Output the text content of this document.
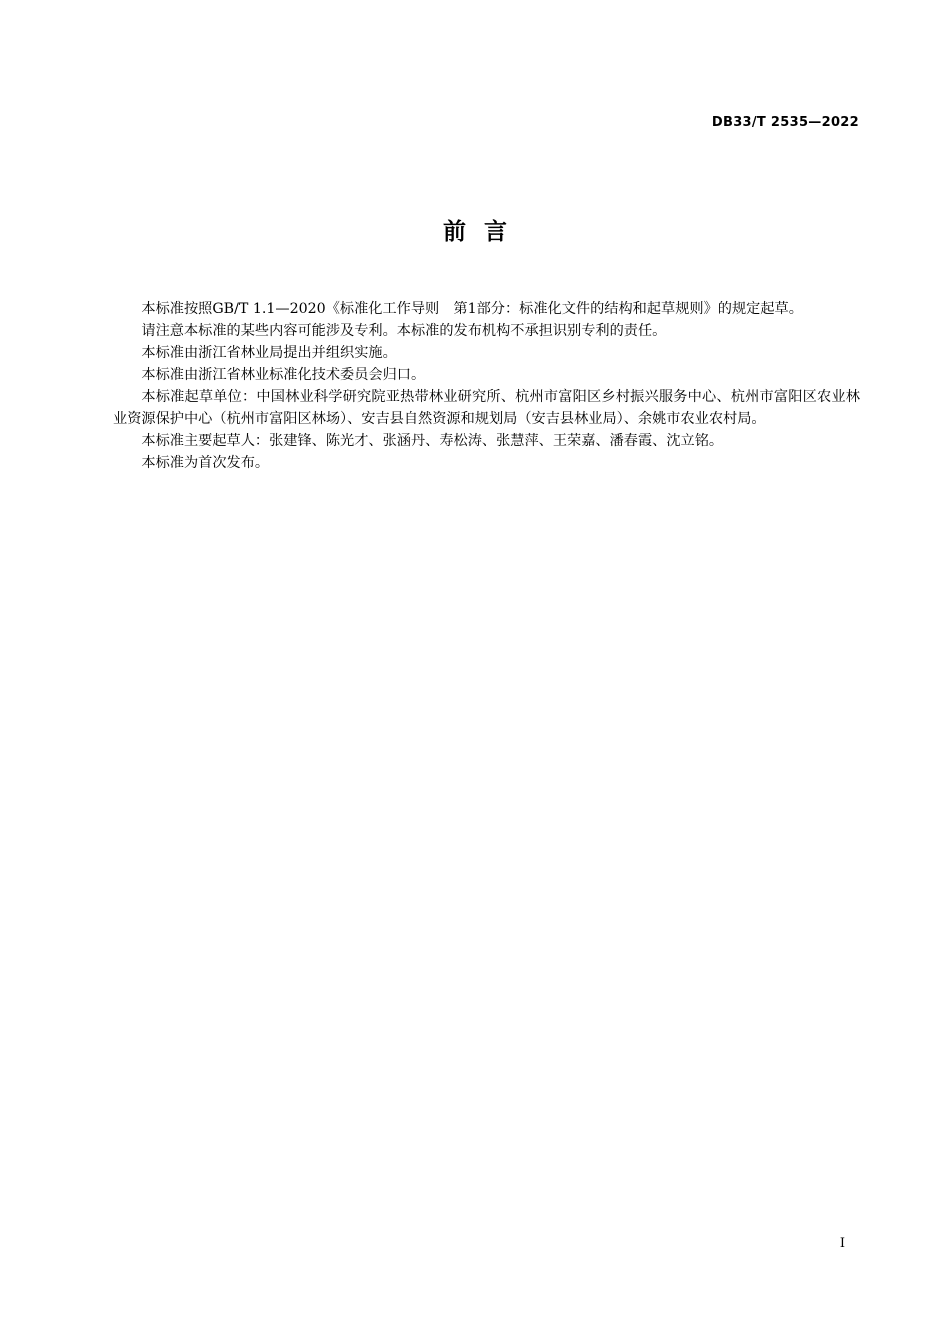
DB33/T 2535—2022
前言

本标准按照GB/T 1.1—2020《标准化工作导则　第1部分：标准化文件的结构和起草规则》的规定起草。

请注意本标准的某些内容可能涉及专利。本标准的发布机构不承担识别专利的责任。

本标准由浙江省林业局提出并组织实施。

本标准由浙江省林业标准化技术委员会归口。

本标准起草单位：中国林业科学研究院亚热带林业研究所、杭州市富阳区乡村振兴服务中心、杭州市富阳区农业林业资源保护中心（杭州市富阳区林场）、安吉县自然资源和规划局（安吉县林业局）、余姚市农业农村局。

本标准主要起草人：张建锋、陈光才、张涵丹、寿松涛、张慧萍、王荣嘉、潘春霞、沈立铭。

本标准为首次发布。

I
